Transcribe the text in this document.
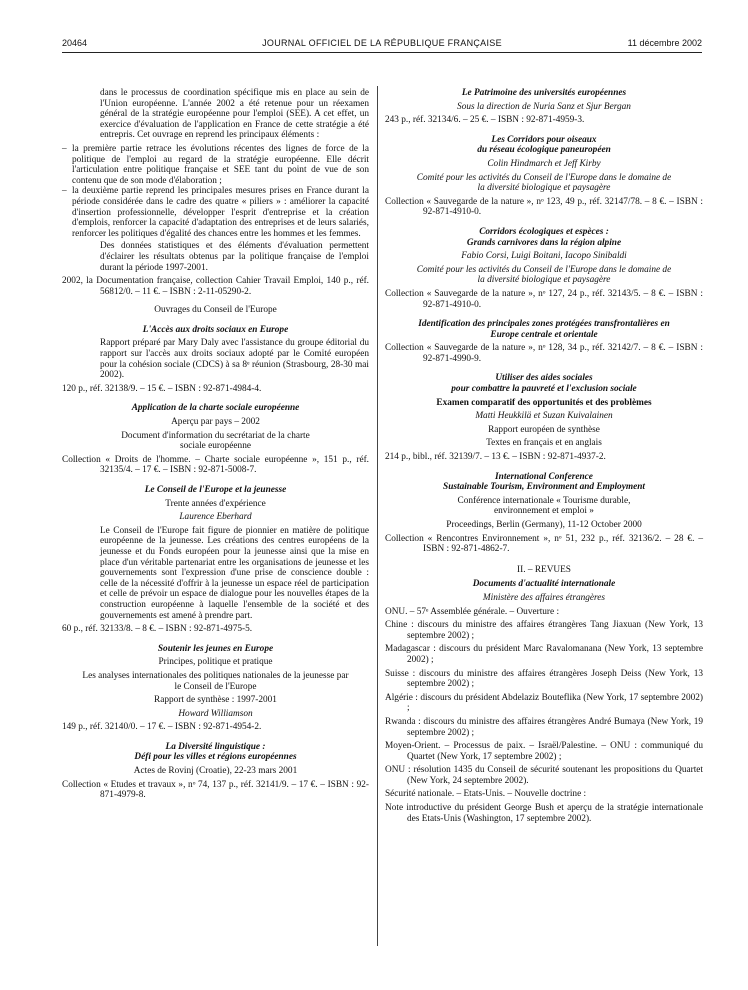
20464	JOURNAL OFFICIEL DE LA RÉPUBLIQUE FRANÇAISE	11 décembre 2002

dans le processus de coordination spécifique mis en place au sein de l'Union européenne. L'année 2002 a été retenue pour un réexamen général de la stratégie européenne pour l'emploi (SEE). A cet effet, un exercice d'évaluation de l'application en France de cette stratégie a été entrepris. Cet ouvrage en reprend les principaux éléments :

– la première partie retrace les évolutions récentes des lignes de force de la politique de l'emploi au regard de la stratégie européenne. Elle décrit l'articulation entre politique française et SEE tant du point de vue de son contenu que de son mode d'élaboration ;
– la deuxième partie reprend les principales mesures prises en France durant la période considérée dans le cadre des quatre « piliers » : améliorer la capacité d'insertion professionnelle, développer l'esprit d'entreprise et la création d'emplois, renforcer la capacité d'adaptation des entreprises et de leurs salariés, renforcer les politiques d'égalité des chances entre les hommes et les femmes.

Des données statistiques et des éléments d'évaluation permettent d'éclairer les résultats obtenus par la politique française de l'emploi durant la période 1997-2001.

2002, la Documentation française, collection Cahier Travail Emploi, 140 p., réf. 56812/0. – 11 €. – ISBN : 2-11-05290-2.

Ouvrages du Conseil de l'Europe

L'Accès aux droits sociaux en Europe

Rapport préparé par Mary Daly avec l'assistance du groupe éditorial du rapport sur l'accès aux droits sociaux adopté par le Comité européen pour la cohésion sociale (CDCS) à sa 8ᵉ réunion (Strasbourg, 28-30 mai 2002).

120 p., réf. 32138/9. – 15 €. – ISBN : 92-871-4984-4.

Application de la charte sociale européenne

Aperçu par pays – 2002

Document d'information du secrétariat de la charte sociale européenne

Collection « Droits de l'homme. – Charte sociale européenne », 151 p., réf. 32135/4. – 17 €. – ISBN : 92-871-5008-7.

Le Conseil de l'Europe et la jeunesse

Trente années d'expérience

Laurence Eberhard

Le Conseil de l'Europe fait figure de pionnier en matière de politique européenne de la jeunesse. Les créations des centres européens de la jeunesse et du Fonds européen pour la jeunesse ainsi que la mise en place d'un véritable partenariat entre les organisations de jeunesse et les gouvernements sont l'expression d'une prise de conscience double : celle de la nécessité d'offrir à la jeunesse un espace réel de participation et celle de prévoir un espace de dialogue pour les nouvelles étapes de la construction européenne à laquelle l'ensemble de la société et des gouvernements est amené à prendre part.

60 p., réf. 32133/8. – 8 €. – ISBN : 92-871-4975-5.

Soutenir les jeunes en Europe

Principes, politique et pratique

Les analyses internationales des politiques nationales de la jeunesse par le Conseil de l'Europe

Rapport de synthèse : 1997-2001

Howard Williamson

149 p., réf. 32140/0. – 17 €. – ISBN : 92-871-4954-2.

La Diversité linguistique :

Défi pour les villes et régions européennes

Actes de Rovinj (Croatie), 22-23 mars 2001

Collection « Etudes et travaux », nᵒ 74, 137 p., réf. 32141/9. – 17 €. – ISBN : 92-871-4979-8.

Le Patrimoine des universités européennes

Sous la direction de Nuria Sanz et Sjur Bergan

243 p., réf. 32134/6. – 25 €. – ISBN : 92-871-4959-3.

Les Corridors pour oiseaux

du réseau écologique paneuropéen

Colin Hindmarch et Jeff Kirby

Comité pour les activités du Conseil de l'Europe dans le domaine de la diversité biologique et paysagère

Collection « Sauvegarde de la nature », nᵒ 123, 49 p., réf. 32147/78. – 8 €. – ISBN : 92-871-4910-0.

Corridors écologiques et espèces :

Grands carnivores dans la région alpine

Fabio Corsi, Luigi Boitani, Iacopo Sinibaldi

Comité pour les activités du Conseil de l'Europe dans le domaine de la diversité biologique et paysagère

Collection « Sauvegarde de la nature », nᵒ 127, 24 p., réf. 32143/5. – 8 €. – ISBN : 92-871-4910-0.

Identification des principales zones protégées transfrontalières en Europe centrale et orientale

Collection « Sauvegarde de la nature », nᵒ 128, 34 p., réf. 32142/7. – 8 €. – ISBN : 92-871-4990-9.

Utiliser des aides sociales

pour combattre la pauvreté et l'exclusion sociale

Examen comparatif des opportunités et des problèmes

Matti Heukkilä et Suzan Kuivalainen

Rapport européen de synthèse

Textes en français et en anglais

214 p., bibl., réf. 32139/7. – 13 €. – ISBN : 92-871-4937-2.

International Conference

Sustainable Tourism, Environment and Employment

Conférence internationale « Tourisme durable, environnement et emploi »

Proceedings, Berlin (Germany), 11-12 October 2000

Collection « Rencontres Environnement », nᵒ 51, 232 p., réf. 32136/2. – 28 €. – ISBN : 92-871-4862-7.

II. – REVUES

Documents d'actualité internationale

Ministère des affaires étrangères

ONU. – 57ᵉ Assemblée générale. – Ouverture :

Chine : discours du ministre des affaires étrangères Tang Jiaxuan (New York, 13 septembre 2002) ;

Madagascar : discours du président Marc Ravalomanana (New York, 13 septembre 2002) ;

Suisse : discours du ministre des affaires étrangères Joseph Deiss (New York, 13 septembre 2002) ;

Algérie : discours du président Abdelaziz Bouteflika (New York, 17 septembre 2002) ;

Rwanda : discours du ministre des affaires étrangères André Bumaya (New York, 19 septembre 2002) ;

Moyen-Orient. – Processus de paix. – Israël/Palestine. – ONU : communiqué du Quartet (New York, 17 septembre 2002) ;

ONU : résolution 1435 du Conseil de sécurité soutenant les propositions du Quartet (New York, 24 septembre 2002).

Sécurité nationale. – Etats-Unis. – Nouvelle doctrine :

Note introductive du président George Bush et aperçu de la stratégie internationale des Etats-Unis (Washington, 17 septembre 2002).
